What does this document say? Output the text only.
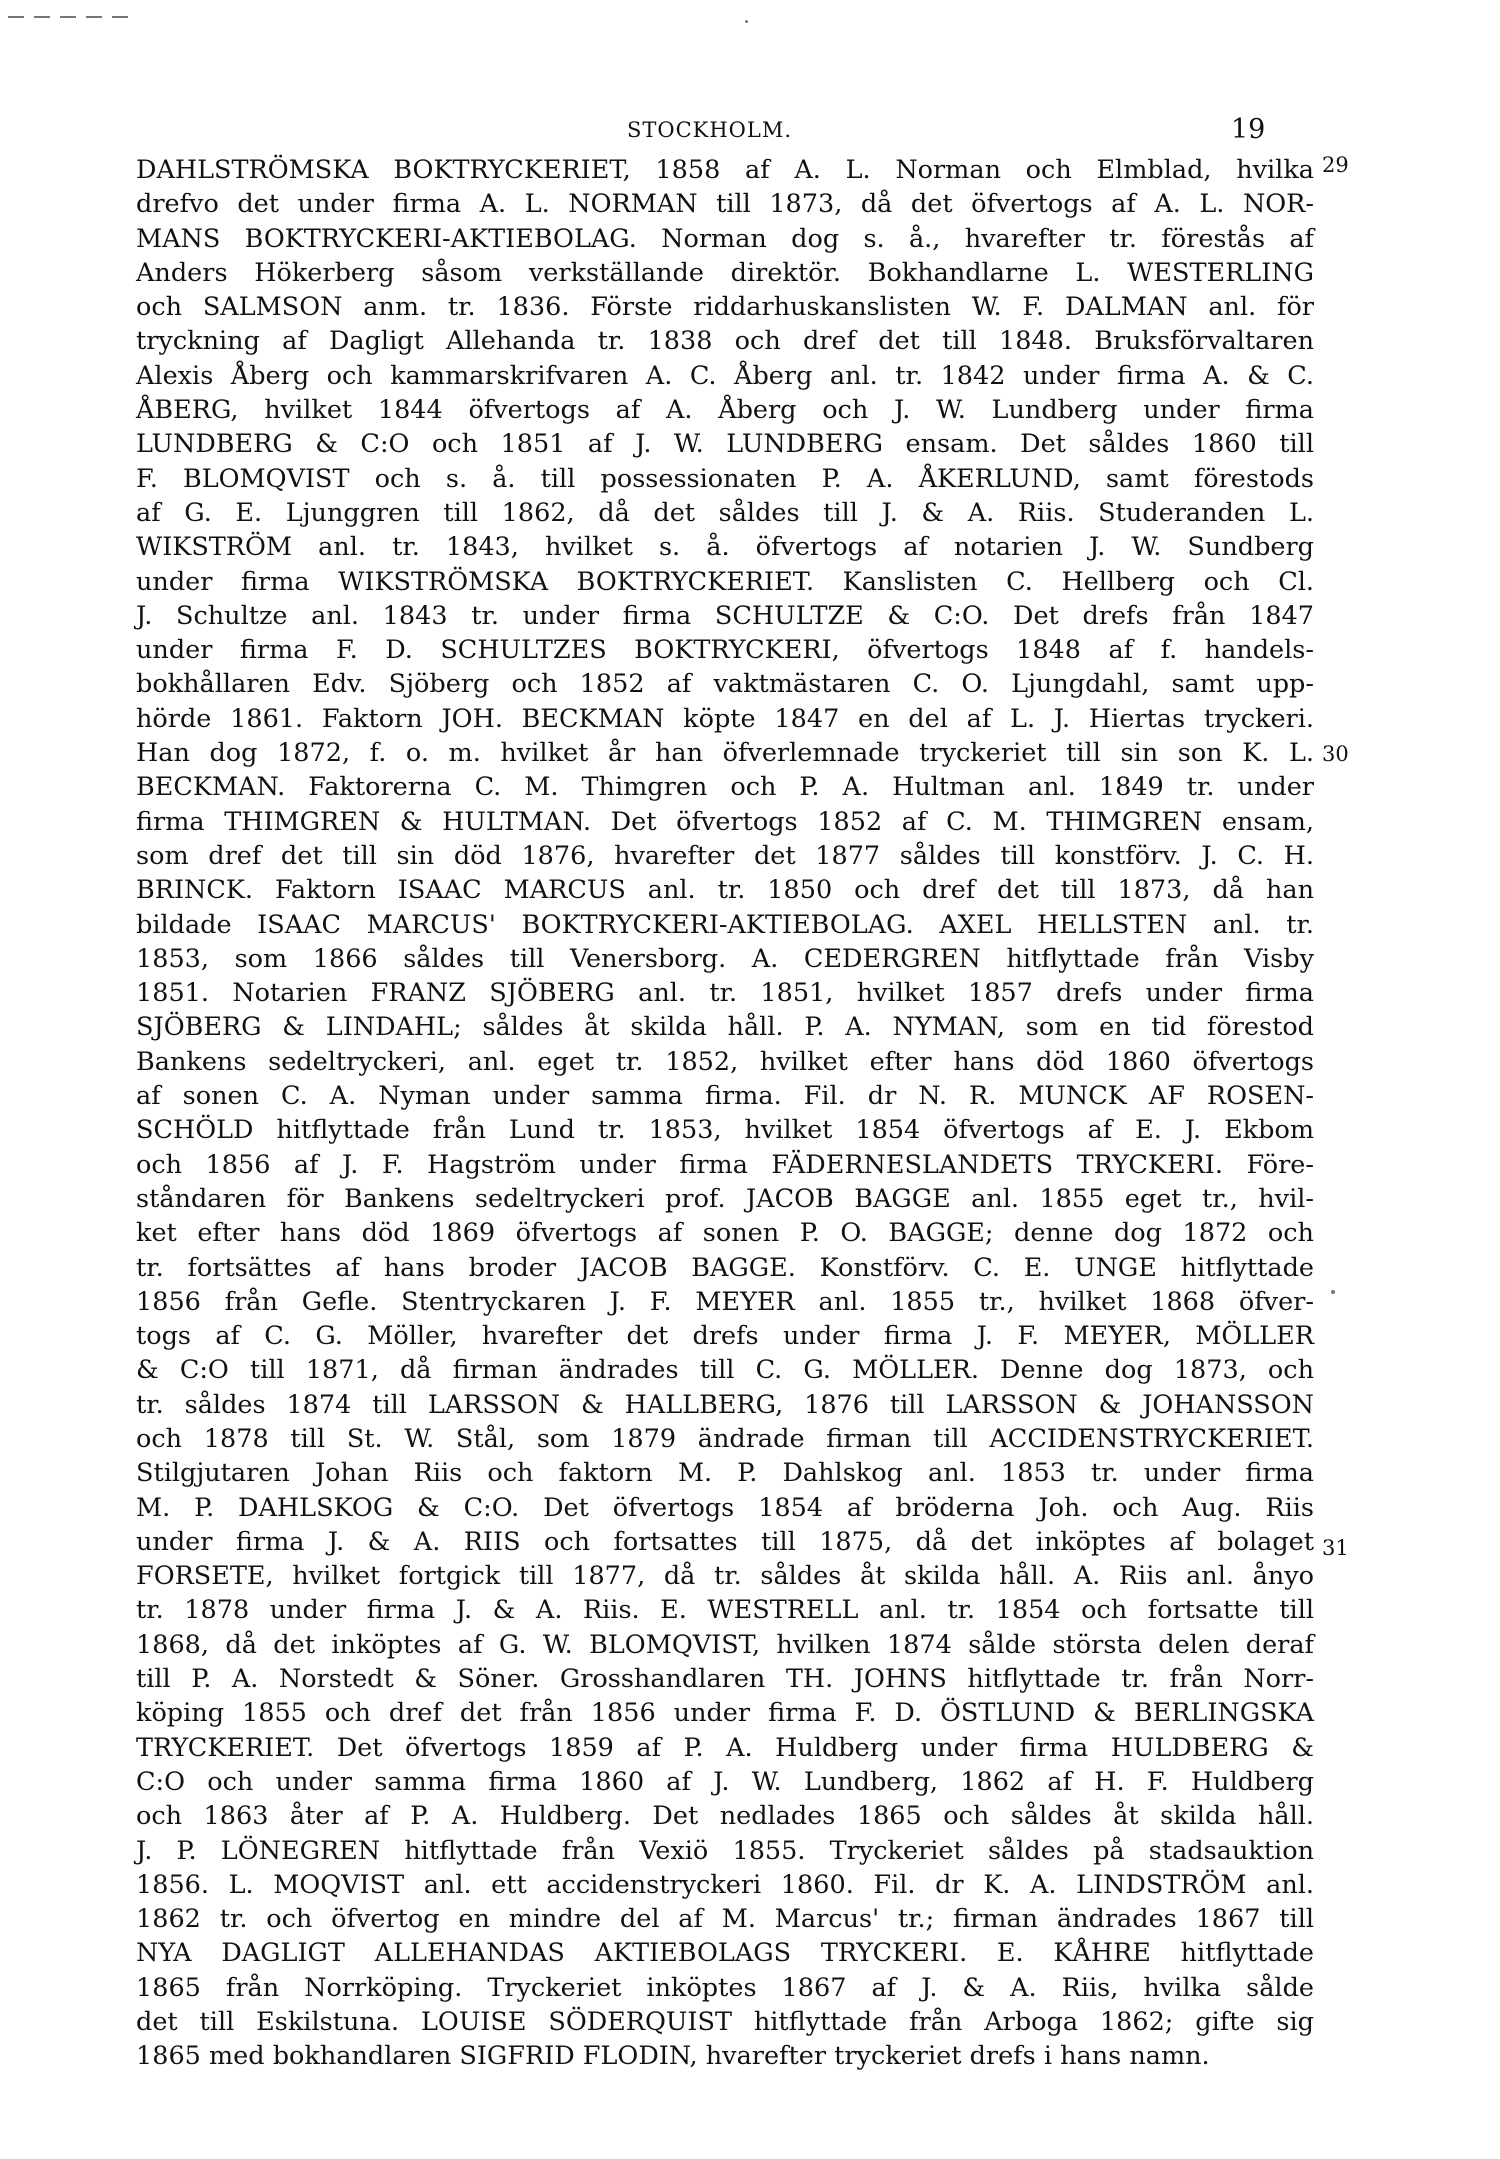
STOCKHOLM.	19
29
30
31
DAHLSTRÖMSKA BOKTRYCKERIET, 1858 af A. L. Norman och Elmblad, hvilka
drefvo det under firma A. L. NORMAN till 1873, då det öfvertogs af A. L. NOR-
MANS BOKTRYCKERI-AKTIEBOLAG. Norman dog s. å., hvarefter tr. förestås af
Anders Hökerberg såsom verkställande direktör. Bokhandlarne L. WESTERLING
och SALMSON anm. tr. 1836. Förste riddarhuskanslisten W. F. DALMAN anl. för
tryckning af Dagligt Allehanda tr. 1838 och dref det till 1848. Bruksförvaltaren
Alexis Åberg och kammarskrifvaren A. C. Åberg anl. tr. 1842 under firma A. & C.
ÅBERG, hvilket 1844 öfvertogs af A. Åberg och J. W. Lundberg under firma
LUNDBERG & C:O och 1851 af J. W. LUNDBERG ensam. Det såldes 1860 till
F. BLOMQVIST och s. å. till possessionaten P. A. ÅKERLUND, samt förestods
af G. E. Ljunggren till 1862, då det såldes till J. & A. Riis. Studeranden L.
WIKSTRÖM anl. tr. 1843, hvilket s. å. öfvertogs af notarien J. W. Sundberg
under firma WIKSTRÖMSKA BOKTRYCKERIET. Kanslisten C. Hellberg och Cl.
J. Schultze anl. 1843 tr. under firma SCHULTZE & C:O. Det drefs från 1847
under firma F. D. SCHULTZES BOKTRYCKERI, öfvertogs 1848 af f. handels-
bokhållaren Edv. Sjöberg och 1852 af vaktmästaren C. O. Ljungdahl, samt upp-
hörde 1861. Faktorn JOH. BECKMAN köpte 1847 en del af L. J. Hiertas tryckeri.
Han dog 1872, f. o. m. hvilket år han öfverlemnade tryckeriet till sin son K. L.
BECKMAN. Faktorerna C. M. Thimgren och P. A. Hultman anl. 1849 tr. under
firma THIMGREN & HULTMAN. Det öfvertogs 1852 af C. M. THIMGREN ensam,
som dref det till sin död 1876, hvarefter det 1877 såldes till konstförv. J. C. H.
BRINCK. Faktorn ISAAC MARCUS anl. tr. 1850 och dref det till 1873, då han
bildade ISAAC MARCUS' BOKTRYCKERI-AKTIEBOLAG. AXEL HELLSTEN anl. tr.
1853, som 1866 såldes till Venersborg. A. CEDERGREN hitflyttade från Visby
1851. Notarien FRANZ SJÖBERG anl. tr. 1851, hvilket 1857 drefs under firma
SJÖBERG & LINDAHL; såldes åt skilda håll. P. A. NYMAN, som en tid förestod
Bankens sedeltryckeri, anl. eget tr. 1852, hvilket efter hans död 1860 öfvertogs
af sonen C. A. Nyman under samma firma. Fil. dr N. R. MUNCK AF ROSEN-
SCHÖLD hitflyttade från Lund tr. 1853, hvilket 1854 öfvertogs af E. J. Ekbom
och 1856 af J. F. Hagström under firma FÄDERNESLANDETS TRYCKERI. Före-
ståndaren för Bankens sedeltryckeri prof. JACOB BAGGE anl. 1855 eget tr., hvil-
ket efter hans död 1869 öfvertogs af sonen P. O. BAGGE; denne dog 1872 och
tr. fortsättes af hans broder JACOB BAGGE. Konstförv. C. E. UNGE hitflyttade
1856 från Gefle. Stentryckaren J. F. MEYER anl. 1855 tr., hvilket 1868 öfver-
togs af C. G. Möller, hvarefter det drefs under firma J. F. MEYER, MÖLLER
& C:O till 1871, då firman ändrades till C. G. MÖLLER. Denne dog 1873, och
tr. såldes 1874 till LARSSON & HALLBERG, 1876 till LARSSON & JOHANSSON
och 1878 till St. W. Stål, som 1879 ändrade firman till ACCIDENSTRYCKERIET.
Stilgjutaren Johan Riis och faktorn M. P. Dahlskog anl. 1853 tr. under firma
M. P. DAHLSKOG & C:O. Det öfvertogs 1854 af bröderna Joh. och Aug. Riis
under firma J. & A. RIIS och fortsattes till 1875, då det inköptes af bolaget
FORSETE, hvilket fortgick till 1877, då tr. såldes åt skilda håll. A. Riis anl. ånyo
tr. 1878 under firma J. & A. Riis. E. WESTRELL anl. tr. 1854 och fortsatte till
1868, då det inköptes af G. W. BLOMQVIST, hvilken 1874 sålde största delen deraf
till P. A. Norstedt & Söner. Grosshandlaren TH. JOHNS hitflyttade tr. från Norr-
köping 1855 och dref det från 1856 under firma F. D. ÖSTLUND & BERLINGSKA
TRYCKERIET. Det öfvertogs 1859 af P. A. Huldberg under firma HULDBERG &
C:O och under samma firma 1860 af J. W. Lundberg, 1862 af H. F. Huldberg
och 1863 åter af P. A. Huldberg. Det nedlades 1865 och såldes åt skilda håll.
J. P. LÖNEGREN hitflyttade från Vexiö 1855. Tryckeriet såldes på stadsauktion
1856. L. MOQVIST anl. ett accidenstryckeri 1860. Fil. dr K. A. LINDSTRÖM anl.
1862 tr. och öfvertog en mindre del af M. Marcus' tr.; firman ändrades 1867 till
NYA DAGLIGT ALLEHANDAS AKTIEBOLAGS TRYCKERI. E. KÅHRE hitflyttade
1865 från Norrköping. Tryckeriet inköptes 1867 af J. & A. Riis, hvilka sålde
det till Eskilstuna. LOUISE SÖDERQUIST hitflyttade från Arboga 1862; gifte sig
1865 med bokhandlaren SIGFRID FLODIN, hvarefter tryckeriet drefs i hans namn.
